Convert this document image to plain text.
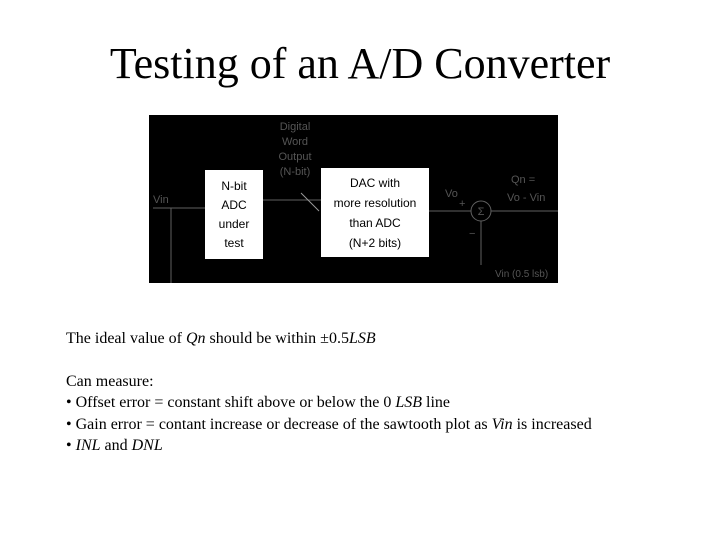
Testing of an A/D Converter
Vin
N-bit
ADC
under
test
Digital
Word
Output
(N-bit)
DAC with
more resolution
than ADC
(N+2 bits)
Vo
+
Σ
−
Qn =
Vo - Vin
Vin (0.5 lsb)

The ideal value of Qn should be within ±0.5LSB

Can measure:

• Offset error = constant shift above or below the 0 LSB line

• Gain error = contant increase or decrease of the sawtooth plot as Vin is increased

• INL and DNL
